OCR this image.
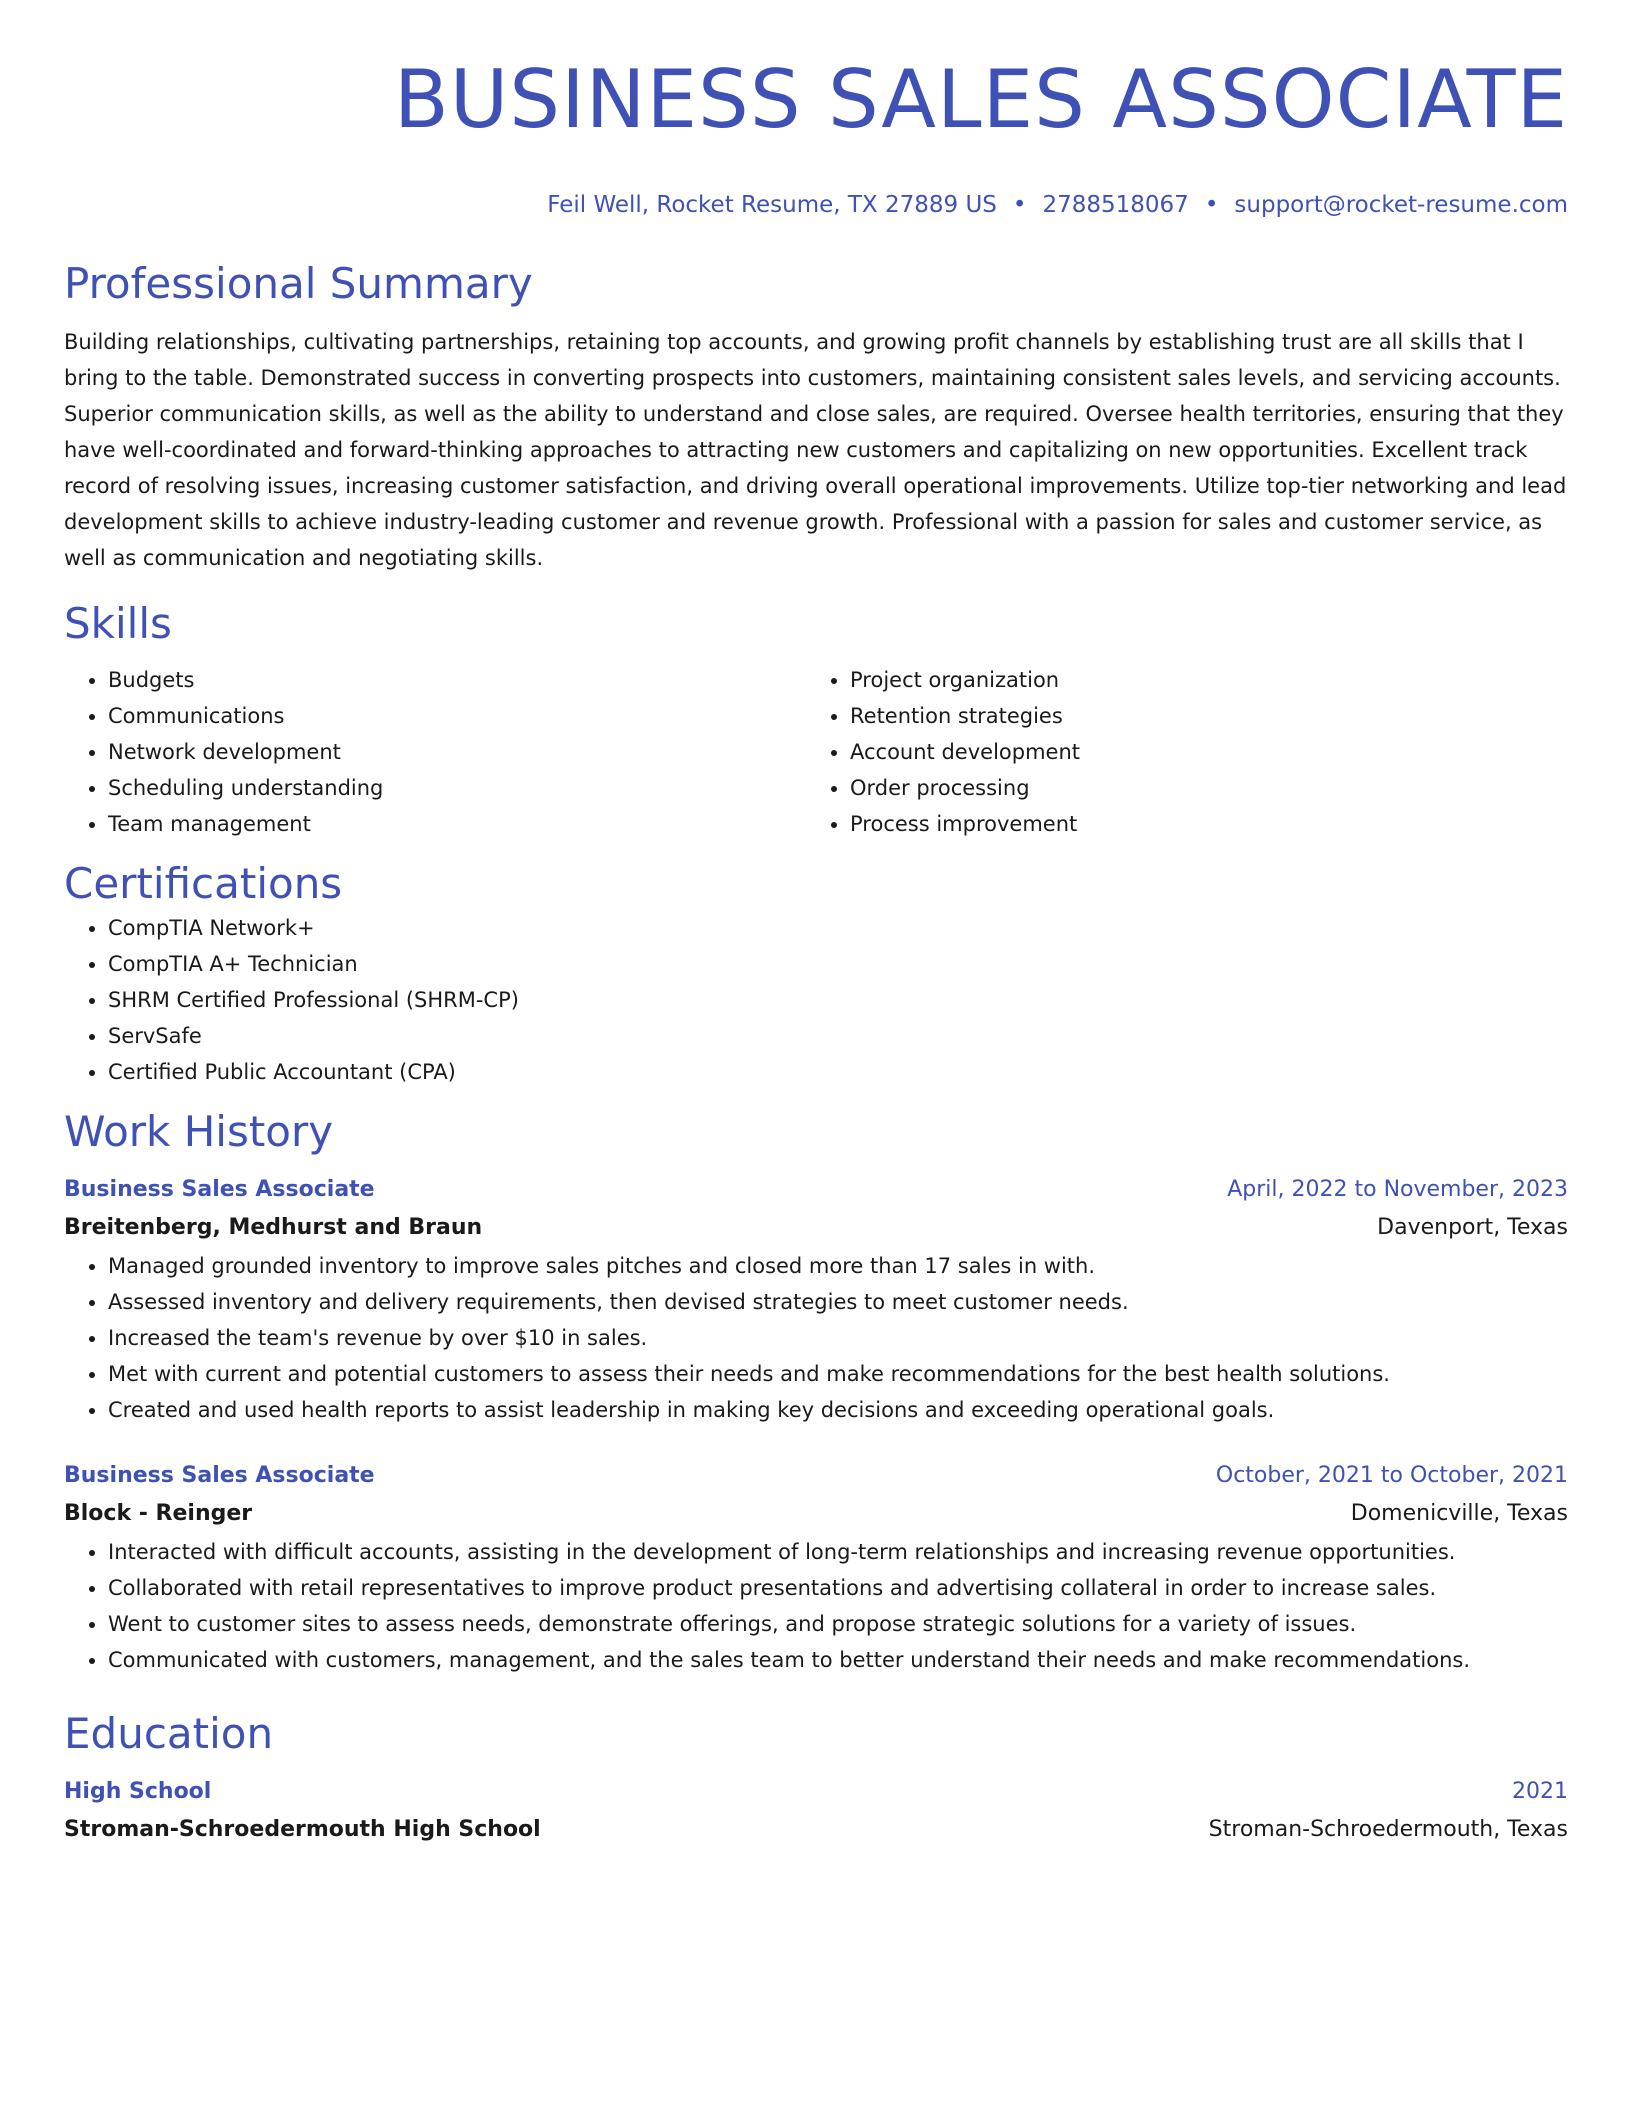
BUSINESS SALES ASSOCIATE
Feil Well, Rocket Resume, TX 27889 US • 2788518067 • support@rocket-resume.com
Professional Summary
Building relationships, cultivating partnerships, retaining top accounts, and growing profit channels by establishing trust are all skills that I bring to the table. Demonstrated success in converting prospects into customers, maintaining consistent sales levels, and servicing accounts. Superior communication skills, as well as the ability to understand and close sales, are required. Oversee health territories, ensuring that they have well-coordinated and forward-thinking approaches to attracting new customers and capitalizing on new opportunities. Excellent track record of resolving issues, increasing customer satisfaction, and driving overall operational improvements. Utilize top-tier networking and lead development skills to achieve industry-leading customer and revenue growth. Professional with a passion for sales and customer service, as well as communication and negotiating skills.
Skills
• Budgets
• Communications
• Network development
• Scheduling understanding
• Team management
• Project organization
• Retention strategies
• Account development
• Order processing
• Process improvement
Certifications
• CompTIA Network+
• CompTIA A+ Technician
• SHRM Certified Professional (SHRM-CP)
• ServSafe
• Certified Public Accountant (CPA)
Work History
Business Sales Associate	April, 2022 to November, 2023
Breitenberg, Medhurst and Braun	Davenport, Texas
• Managed grounded inventory to improve sales pitches and closed more than 17 sales in with.
• Assessed inventory and delivery requirements, then devised strategies to meet customer needs.
• Increased the team's revenue by over $10 in sales.
• Met with current and potential customers to assess their needs and make recommendations for the best health solutions.
• Created and used health reports to assist leadership in making key decisions and exceeding operational goals.
Business Sales Associate	October, 2021 to October, 2021
Block - Reinger	Domenicville, Texas
• Interacted with difficult accounts, assisting in the development of long-term relationships and increasing revenue opportunities.
• Collaborated with retail representatives to improve product presentations and advertising collateral in order to increase sales.
• Went to customer sites to assess needs, demonstrate offerings, and propose strategic solutions for a variety of issues.
• Communicated with customers, management, and the sales team to better understand their needs and make recommendations.
Education
High School	2021
Stroman-Schroedermouth High School	Stroman-Schroedermouth, Texas
